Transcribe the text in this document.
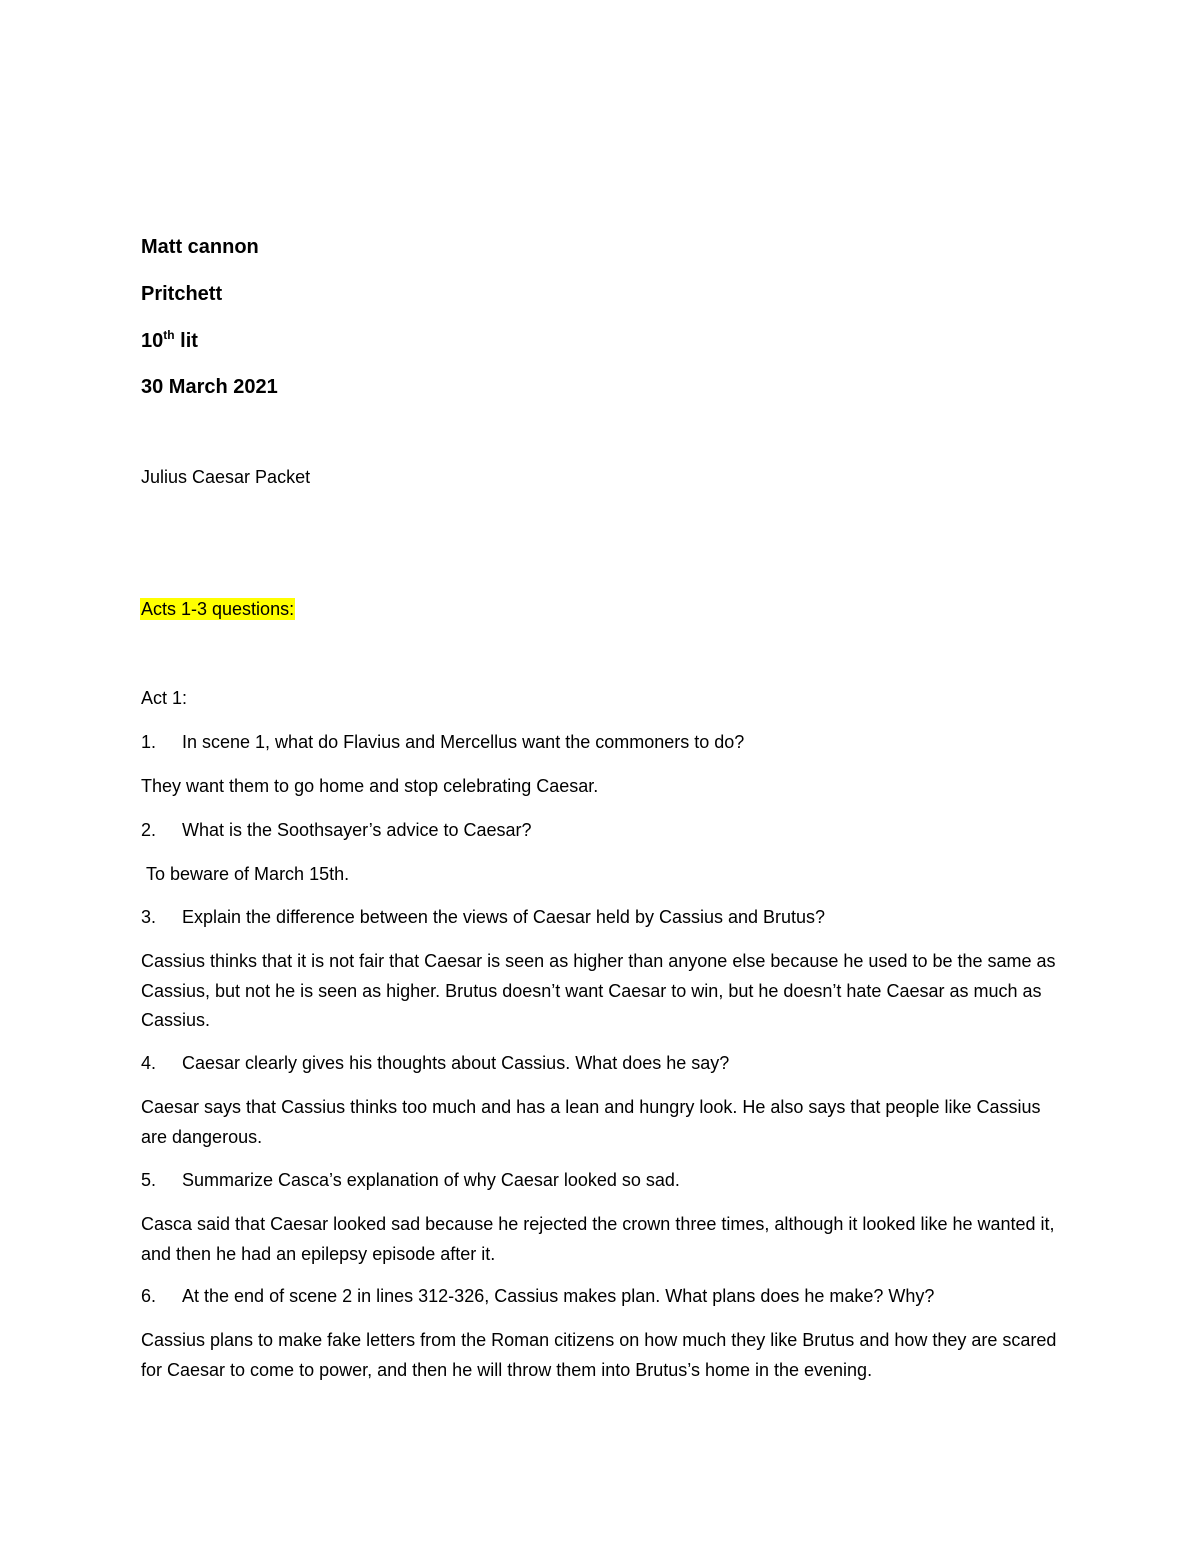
Matt cannon
Pritchett
10th lit
30 March 2021
Julius Caesar Packet
Acts 1-3 questions:
Act 1:
1. In scene 1, what do Flavius and Mercellus want the commoners to do?
They want them to go home and stop celebrating Caesar.
2. What is the Soothsayer’s advice to Caesar?
To beware of March 15th.
3. Explain the difference between the views of Caesar held by Cassius and Brutus?
Cassius thinks that it is not fair that Caesar is seen as higher than anyone else because he used to be the same as Cassius, but not he is seen as higher. Brutus doesn’t want Caesar to win, but he doesn’t hate Caesar as much as Cassius.
4. Caesar clearly gives his thoughts about Cassius. What does he say?
Caesar says that Cassius thinks too much and has a lean and hungry look. He also says that people like Cassius are dangerous.
5. Summarize Casca’s explanation of why Caesar looked so sad.
Casca said that Caesar looked sad because he rejected the crown three times, although it looked like he wanted it, and then he had an epilepsy episode after it.
6. At the end of scene 2 in lines 312-326, Cassius makes plan. What plans does he make? Why?
Cassius plans to make fake letters from the Roman citizens on how much they like Brutus and how they are scared for Caesar to come to power, and then he will throw them into Brutus’s home in the evening.
